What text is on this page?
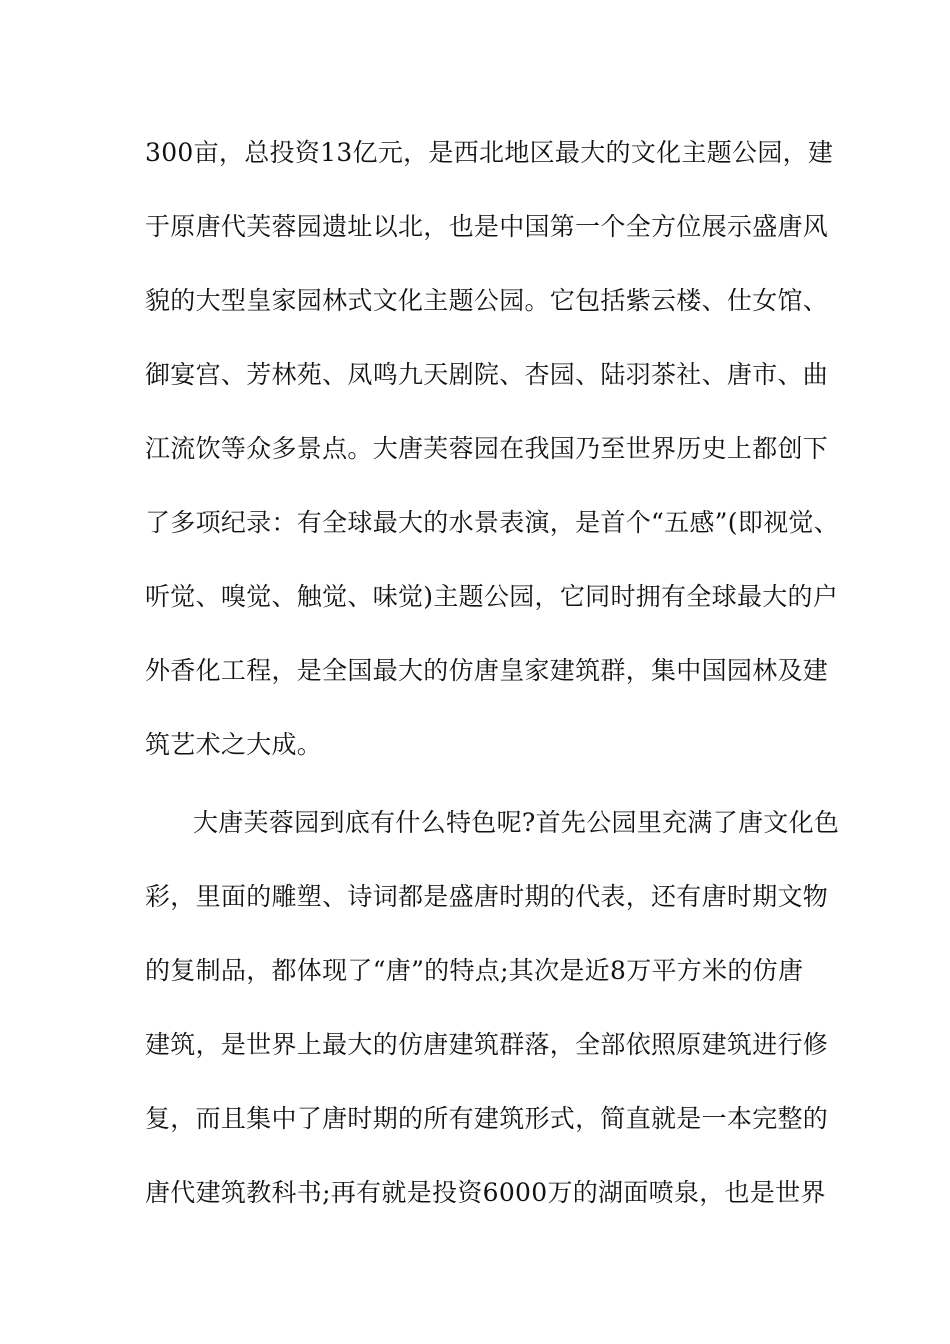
300亩，总投资13亿元，是西北地区最大的文化主题公园，建
于原唐代芙蓉园遗址以北，也是中国第一个全方位展示盛唐风
貌的大型皇家园林式文化主题公园。它包括紫云楼、仕女馆、
御宴宫、芳林苑、凤鸣九天剧院、杏园、陆羽茶社、唐市、曲
江流饮等众多景点。大唐芙蓉园在我国乃至世界历史上都创下
了多项纪录：有全球最大的水景表演，是首个“五感”(即视觉、
听觉、嗅觉、触觉、味觉)主题公园，它同时拥有全球最大的户
外香化工程，是全国最大的仿唐皇家建筑群，集中国园林及建
筑艺术之大成。
大唐芙蓉园到底有什么特色呢?首先公园里充满了唐文化色
彩，里面的雕塑、诗词都是盛唐时期的代表，还有唐时期文物
的复制品，都体现了“唐”的特点;其次是近8万平方米的仿唐
建筑，是世界上最大的仿唐建筑群落，全部依照原建筑进行修
复，而且集中了唐时期的所有建筑形式，简直就是一本完整的
唐代建筑教科书;再有就是投资6000万的湖面喷泉，也是世界
